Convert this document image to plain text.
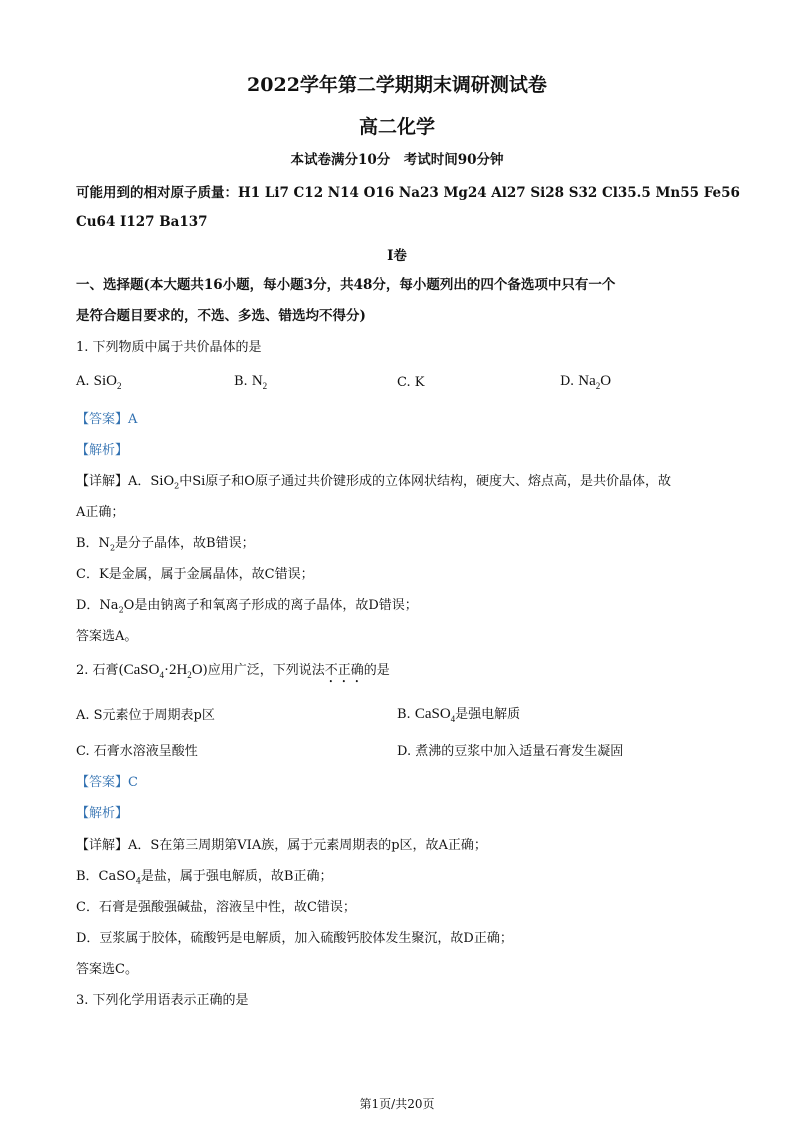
2022学年第二学期期末调研测试卷
高二化学
本试卷满分10分　考试时间90分钟
可能用到的相对原子质量：H1 Li7 C12 N14 O16 Na23 Mg24 Al27 Si28 S32 Cl35.5 Mn55 Fe56
Cu64 I127 Ba137
I卷
一、选择题(本大题共16小题，每小题3分，共48分，每小题列出的四个备选项中只有一个
是符合题目要求的，不选、多选、错选均不得分)
1. 下列物质中属于共价晶体的是
A. SiO$_2$	B. $N_2$	C. K	D. $Na_2O$
【答案】A
【解析】
【详解】A．SiO$_2$中Si原子和O原子通过共价键形成的立体网状结构，硬度大、熔点高，是共价晶体，故
A正确；
B．$N_2$是分子晶体，故B错误；
C．K是金属，属于金属晶体，故C错误；
D．$Na_2O$是由钠离子和氧离子形成的离子晶体，故D错误；
答案选A。
2. 石膏$(CaSO_4\cdot 2H_2O)$应用广泛，下列说法不正确的是
A. S元素位于周期表p区	B. CaSO$_4$是强电解质
C. 石膏水溶液呈酸性	D. 煮沸的豆浆中加入适量石膏发生凝固
【答案】C
【解析】
【详解】A．S在第三周期第VIA族，属于元素周期表的p区，故A正确；
B．CaSO$_4$是盐，属于强电解质，故B正确；
C．石膏是强酸强碱盐，溶液呈中性，故C错误；
D．豆浆属于胶体，硫酸钙是电解质，加入硫酸钙胶体发生聚沉，故D正确；
答案选C。
3. 下列化学用语表示正确的是
第1页/共20页
